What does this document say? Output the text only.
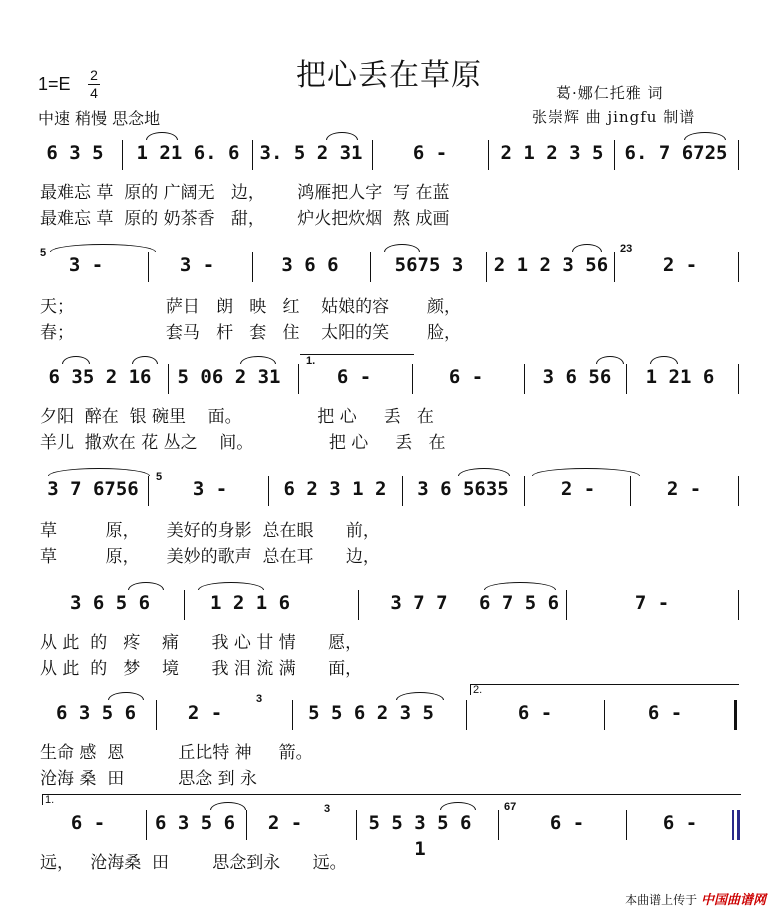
把心丢在草原
1=E 2
4
中速 稍慢 思念地
葛·娜仁托雅 词
张崇辉 曲 jingfu 制谱
6 3 5	1 21 6. 6	3. 5 2 31	6 -	2 1 2 3 5	6. 7 6725
最难忘 草  原的 广阔无   边，      鸿雁把人字  写 在蓝
最难忘 草  原的 奶茶香   甜，      炉火把炊烟  熬 成画
5
3 -	3 -	3 6 6	5675 3	2 1 2 3 56
23
2 -
天；                 萨日   朗   映   红    姑娘的容       颜，
春；                 套马   杆   套   住    太阳的笑       脸，
6 35 2 16	5 06 2 31
1.
6 -	6 -	3 6 56	1 21 6
夕阳  醉在  银 碗里    面。              把 心     丢   在
羊儿  撒欢在 花 丛之    间。              把 心     丢   在
3 7 6756
5
3 -	6 2 3 1 2	3 6 5635	2 -	2 -
草         原，     美好的身影  总在眼      前，
草         原，     美妙的歌声  总在耳      边，
3 6 5 6	1 2 1 6	3 7 7	6 7 5 6	7 -
从 此  的   疼    痛      我 心 甘 情      愿，
从 此  的   梦    境      我 泪 流 满      面，
6 3 5 6	2 -
3
5 5 6 2 3 5	6 -	6 -
2.
生命 感  恩          丘比特 神     箭。
沧海 桑  田          思念 到 永
6 -	6 3 5 6	2 -
3
5 5 3 5 6 1
67
6 -	6 -
1.
远，   沧海桑  田        思念到永      远。
本曲谱上传于 中国曲谱网
